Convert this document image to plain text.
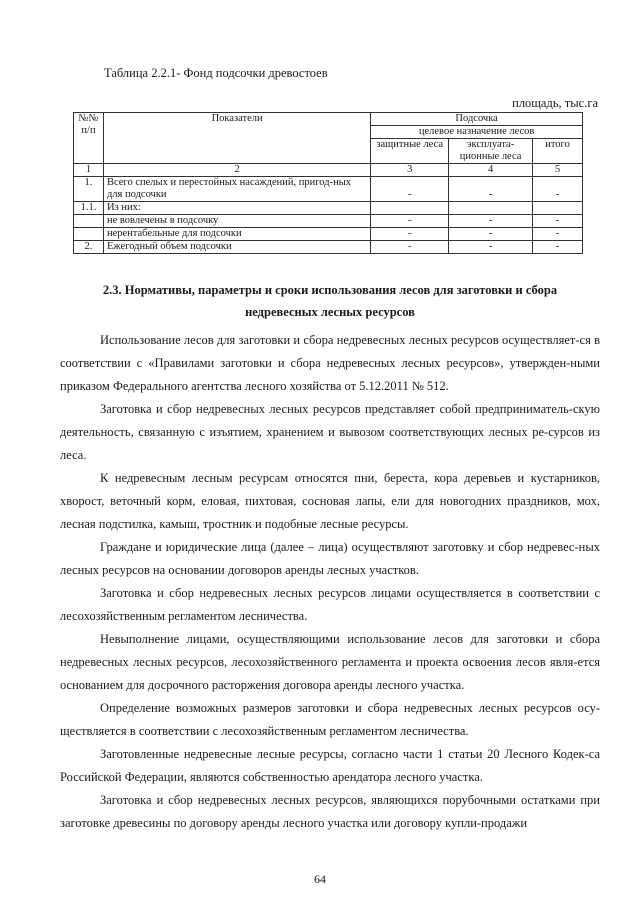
Таблица 2.2.1- Фонд подсочки древостоев
площадь, тыс.га
№№ п/п	Показатели	Подсочка		
		целевое назначение лесов		
		защитные леса	эксплуата-ционные леса	итого
1	2	3	4	5
1.	Всего спелых и перестойных насаждений, пригод-ных для подсочки	-	-	-
1.1.	Из них:			
	не вовлечены в подсочку	-	-	-
	нерентабельные для подсочки	-	-	-
2.	Ежегодный объем подсочки	-	-	-
2.3. Нормативы, параметры и сроки использования лесов для заготовки и сбора
недревесных лесных ресурсов
Использование лесов для заготовки и сбора недревесных лесных ресурсов осуществляет-ся в соответствии с «Правилами заготовки и сбора недревесных лесных ресурсов», утвержден-ными приказом Федерального агентства лесного хозяйства от 5.12.2011 № 512.
Заготовка и сбор недревесных лесных ресурсов представляет собой предприниматель-скую деятельность, связанную с изъятием, хранением и вывозом соответствующих лесных ре-сурсов из леса.
К недревесным лесным ресурсам относятся пни, береста, кора деревьев и кустарников, хворост, веточный корм, еловая, пихтовая, сосновая лапы, ели для новогодних праздников, мох, лесная подстилка, камыш, тростник и подобные лесные ресурсы.
Граждане и юридические лица (далее – лица) осуществляют заготовку и сбор недревес-ных лесных ресурсов на основании договоров аренды лесных участков.
Заготовка и сбор недревесных лесных ресурсов лицами осуществляется в соответствии с лесохозяйственным регламентом лесничества.
Невыполнение лицами, осуществляющими использование лесов для заготовки и сбора недревесных лесных ресурсов, лесохозяйственного регламента и проекта освоения лесов явля-ется основанием для досрочного расторжения договора аренды лесного участка.
Определение возможных размеров заготовки и сбора недревесных лесных ресурсов осу-ществляется в соответствии с лесохозяйственным регламентом лесничества.
Заготовленные недревесные лесные ресурсы, согласно части 1 статьи 20 Лесного Кодек-са Российской Федерации, являются собственностью арендатора лесного участка.
Заготовка и сбор недревесных лесных ресурсов, являющихся порубочными остатками при заготовке древесины по договору аренды лесного участка или договору купли-продажи
64
